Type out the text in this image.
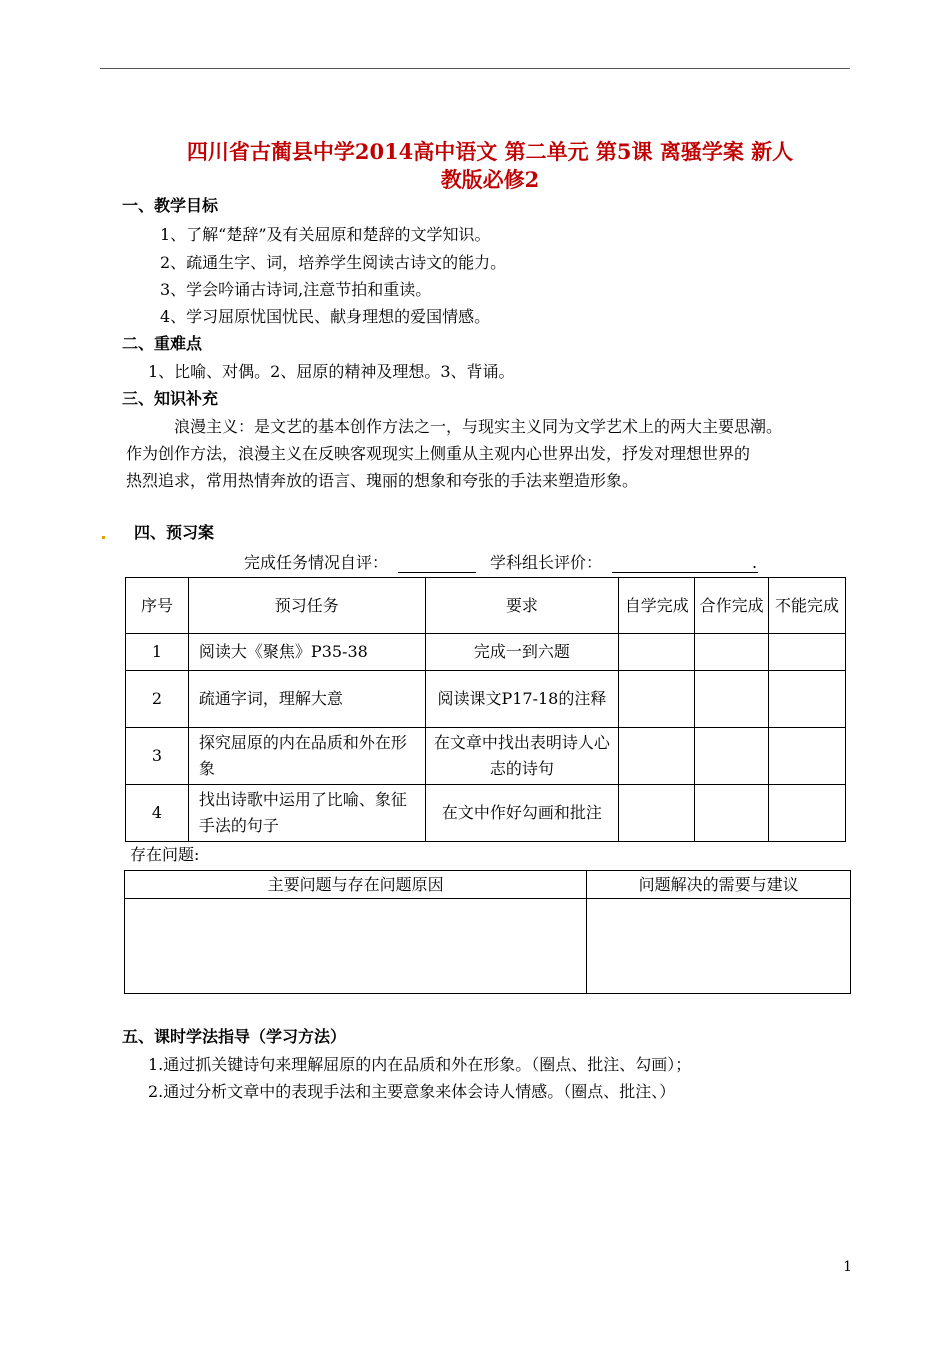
四川省古蔺县中学2014高中语文 第二单元 第5课 离骚学案 新人
教版必修2
一、教学目标
1、了解“楚辞”及有关屈原和楚辞的文学知识。
2、疏通生字、词，培养学生阅读古诗文的能力。
3、学会吟诵古诗词,注意节拍和重读。
4、学习屈原忧国忧民、献身理想的爱国情感。
二、重难点
1、比喻、对偶。2、屈原的精神及理想。3、背诵。
三、知识补充
浪漫主义：是文艺的基本创作方法之一，与现实主义同为文学艺术上的两大主要思潮。
作为创作方法，浪漫主义在反映客观现实上侧重从主观内心世界出发，抒发对理想世界的
热烈追求，常用热情奔放的语言、瑰丽的想象和夸张的手法来塑造形象。
四、预习案
完成任务情况自评：	学科组长评价：	.
序号	预习任务	要求	自学完成	合作完成	不能完成
1	阅读大《聚焦》P35-38	完成一到六题			
2	疏通字词，理解大意	阅读课文P17-18的注释			
3	探究屈原的内在品质和外在形象	在文章中找出表明诗人心志的诗句			
4	找出诗歌中运用了比喻、象征手法的句子	在文中作好勾画和批注			
存在问题:
主要问题与存在问题原因	问题解决的需要与建议

五、课时学法指导（学习方法）
1.通过抓关键诗句来理解屈原的内在品质和外在形象。（圈点、批注、勾画）；
2.通过分析文章中的表现手法和主要意象来体会诗人情感。（圈点、批注、）
1
